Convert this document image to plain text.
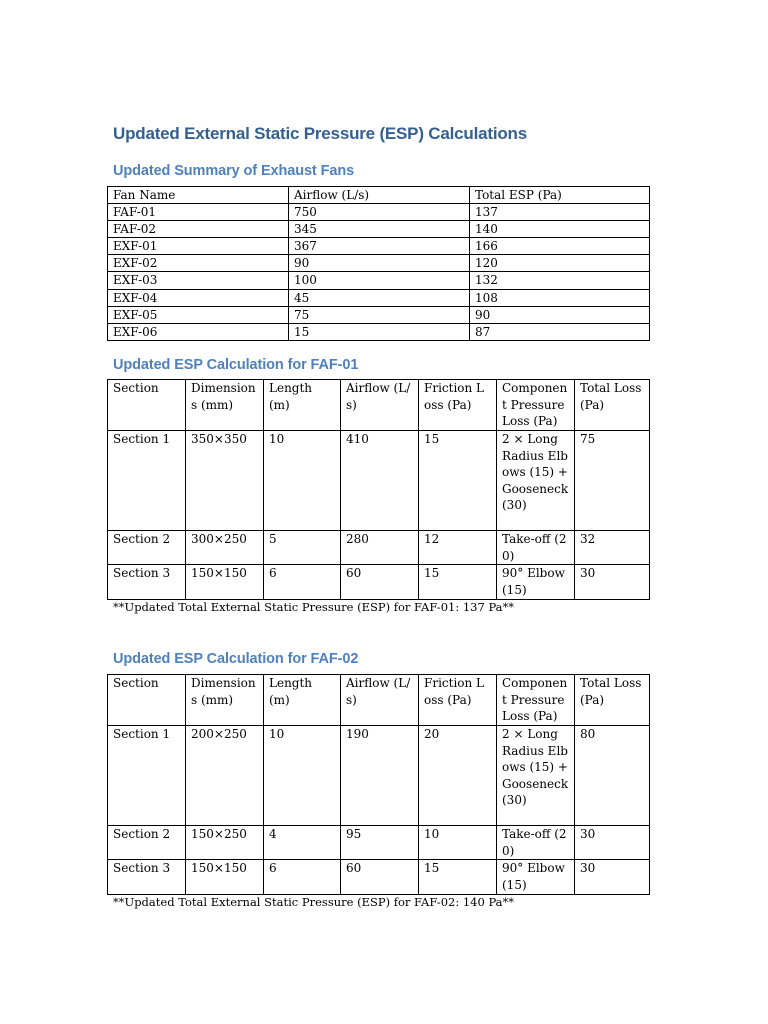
Updated External Static Pressure (ESP) Calculations
Updated Summary of Exhaust Fans
Fan Name	Airflow (L/s)	Total ESP (Pa)
FAF-01	750	137
FAF-02	345	140
EXF-01	367	166
EXF-02	90	120
EXF-03	100	132
EXF-04	45	108
EXF-05	75	90
EXF-06	15	87
Updated ESP Calculation for FAF-01
Section	Dimensions (mm)	Length (m)	Airflow (L/s)	Friction Loss (Pa)	Component Pressure Loss (Pa)	Total Loss (Pa)
Section 1	350×350	10	410	15	2 × Long Radius Elbows (15) + Gooseneck (30)	75
Section 2	300×250	5	280	12	Take-off (20)	32
Section 3	150×150	6	60	15	90° Elbow (15)	30
**Updated Total External Static Pressure (ESP) for FAF-01: 137 Pa**
Updated ESP Calculation for FAF-02
Section	Dimensions (mm)	Length (m)	Airflow (L/s)	Friction Loss (Pa)	Component Pressure Loss (Pa)	Total Loss (Pa)
Section 1	200×250	10	190	20	2 × Long Radius Elbows (15) + Gooseneck (30)	80
Section 2	150×250	4	95	10	Take-off (20)	30
Section 3	150×150	6	60	15	90° Elbow (15)	30
**Updated Total External Static Pressure (ESP) for FAF-02: 140 Pa**
